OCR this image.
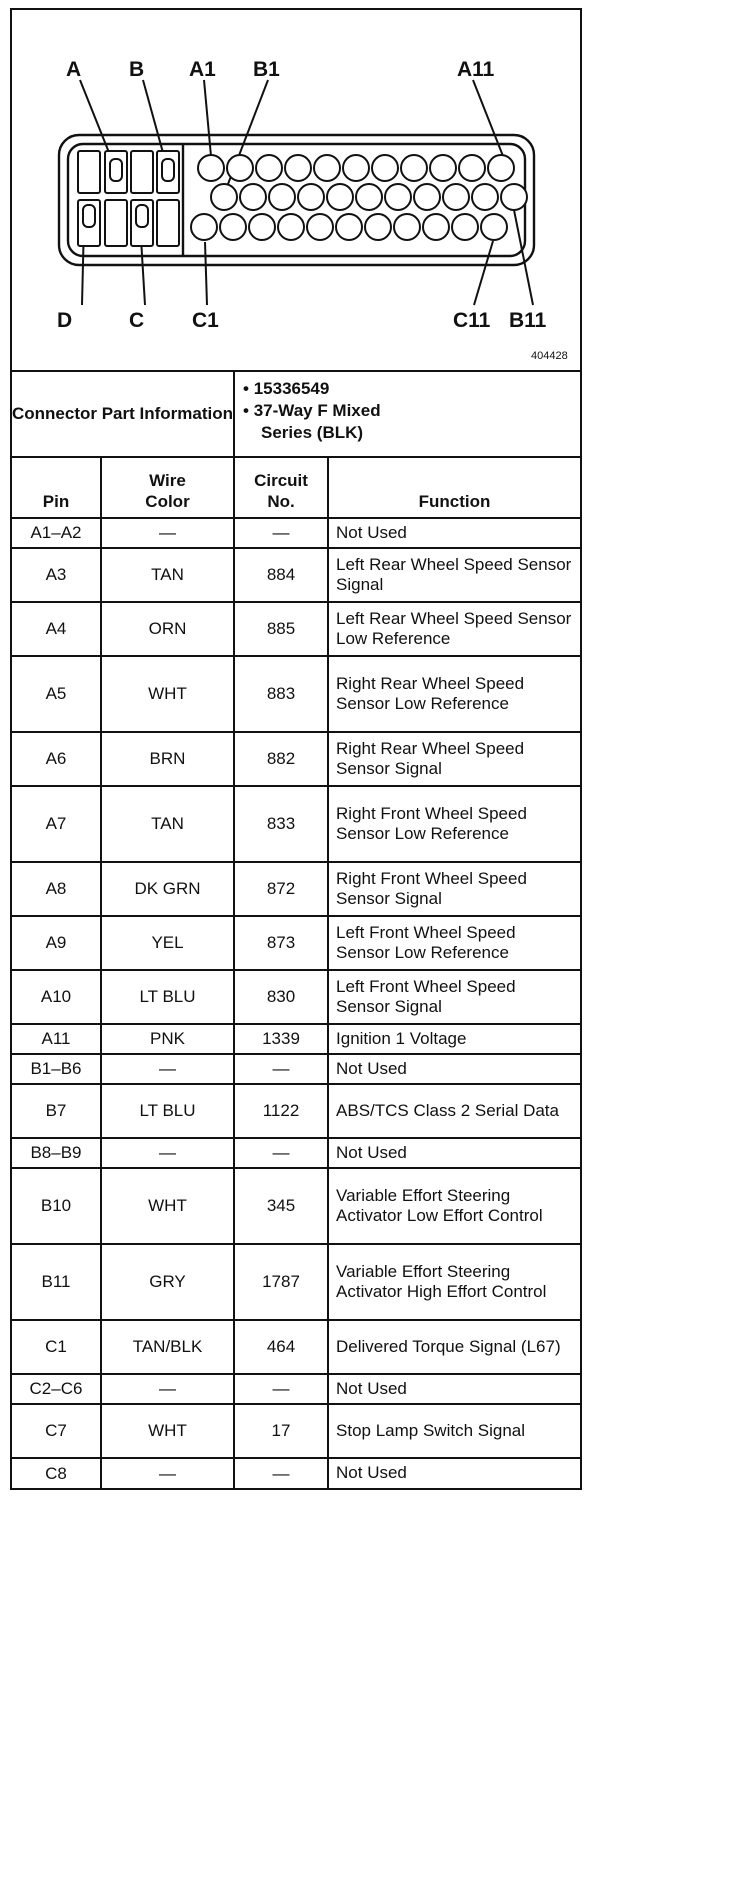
A B A1 B1	A11
D	C C1	C11 B11
404428
Connector Part Information		• 15336549
• 37-Way F Mixed
Series (BLK)	

Pin	Wire Color	Circuit No.	Function
A1–A2	—	—	Not Used
A3	TAN	884	Left Rear Wheel Speed Sensor Signal
A4	ORN	885	Left Rear Wheel Speed Sensor Low Reference
A5	WHT	883	Right Rear Wheel Speed Sensor Low Reference
A6	BRN	882	Right Rear Wheel Speed Sensor Signal
A7	TAN	833	Right Front Wheel Speed Sensor Low Reference
A8	DK GRN	872	Right Front Wheel Speed Sensor Signal
A9	YEL	873	Left Front Wheel Speed Sensor Low Reference
A10	LT BLU	830	Left Front Wheel Speed Sensor Signal
A11	PNK	1339	Ignition 1 Voltage
B1–B6	—	—	Not Used
B7	LT BLU	1122	ABS/TCS Class 2 Serial Data
B8–B9	—	—	Not Used
B10	WHT	345	Variable Effort Steering Activator Low Effort Control
B11	GRY	1787	Variable Effort Steering Activator High Effort Control
C1	TAN/BLK	464	Delivered Torque Signal (L67)
C2–C6	—	—	Not Used
C7	WHT	17	Stop Lamp Switch Signal
C8	—	—	Not Used
